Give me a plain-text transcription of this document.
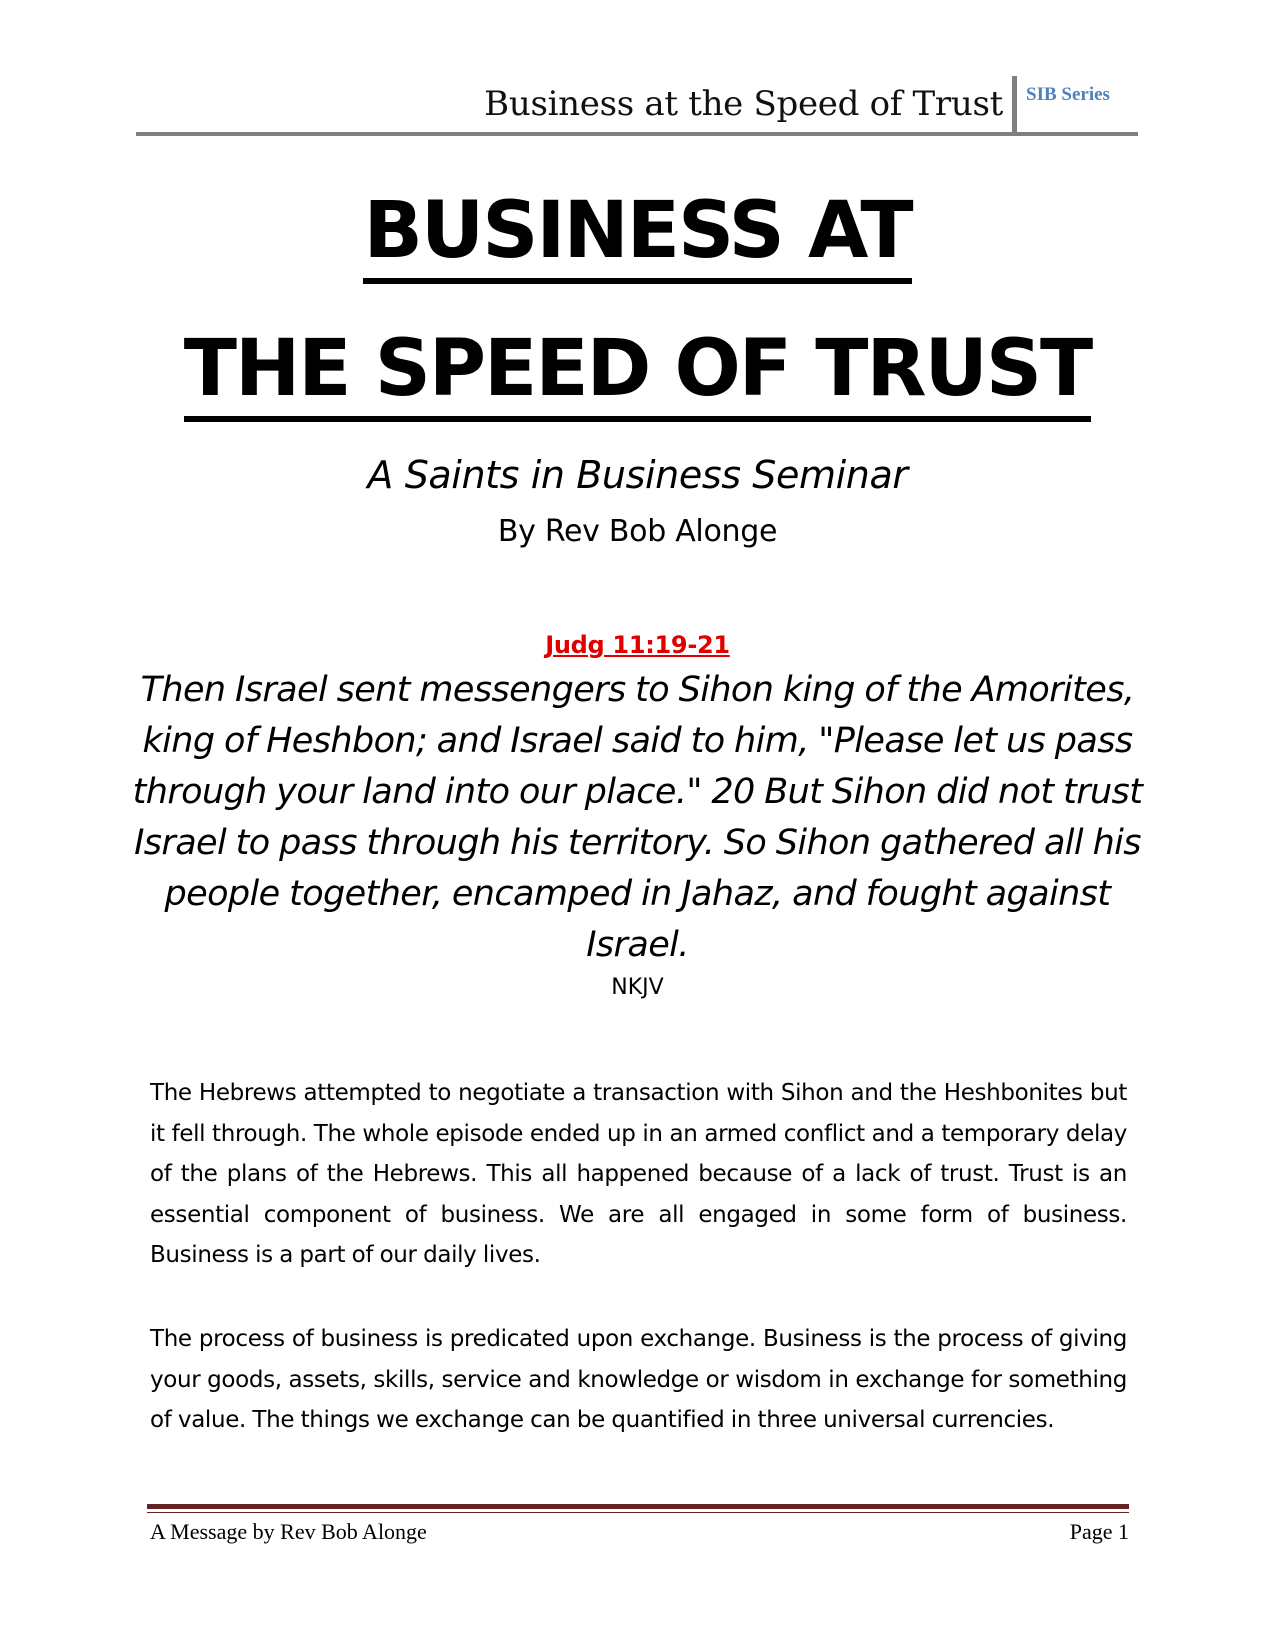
Business at the Speed of Trust SIB Series
BUSINESS AT
THE SPEED OF TRUST
A Saints in Business Seminar
By Rev Bob Alonge
Judg 11:19-21
Then Israel sent messengers to Sihon king of the Amorites, king of Heshbon; and Israel said to him, "Please let us pass through your land into our place." 20 But Sihon did not trust Israel to pass through his territory. So Sihon gathered all his people together, encamped in Jahaz, and fought against Israel.
NKJV
The Hebrews attempted to negotiate a transaction with Sihon and the Heshbonites but it fell through. The whole episode ended up in an armed conflict and a temporary delay of the plans of the Hebrews. This all happened because of a lack of trust. Trust is an essential component of business. We are all engaged in some form of business. Business is a part of our daily lives.
The process of business is predicated upon exchange. Business is the process of giving your goods, assets, skills, service and knowledge or wisdom in exchange for something of value. The things we exchange can be quantified in three universal currencies.
A Message by Rev Bob Alonge	Page 1
